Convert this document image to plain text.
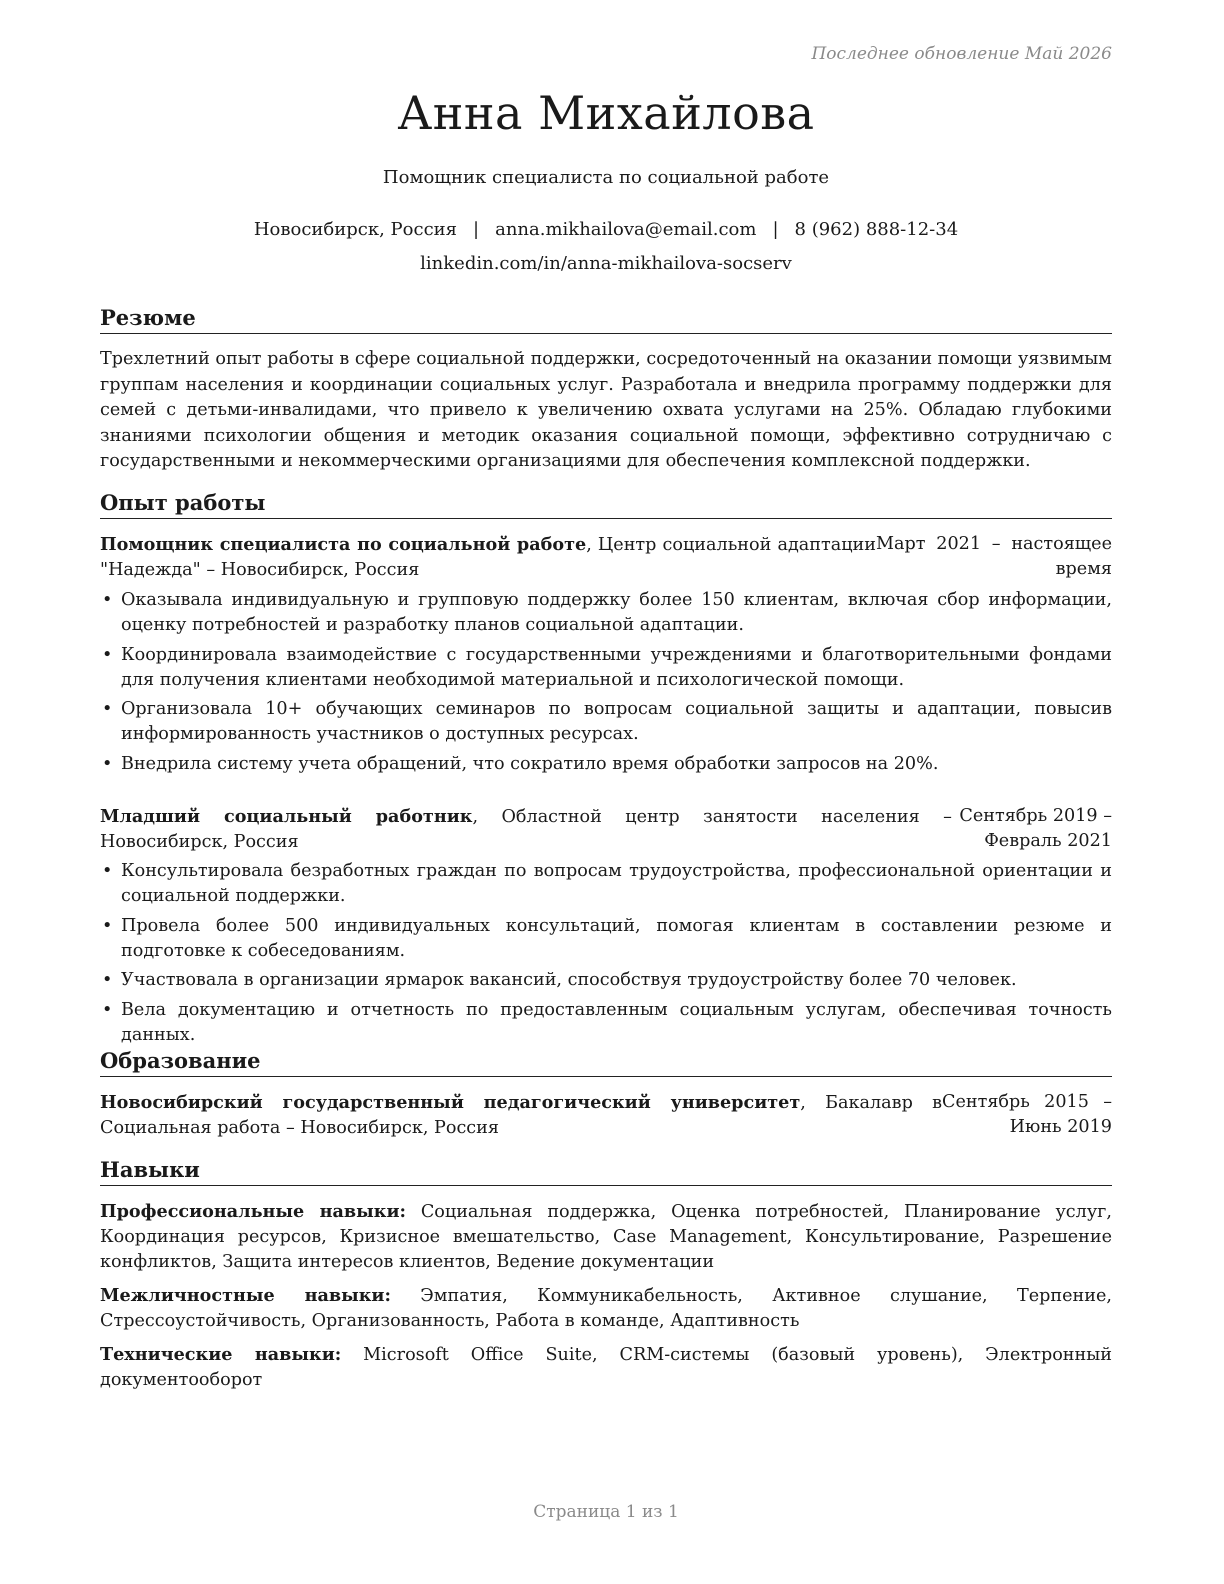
Последнее обновление Май 2026
Анна Михайлова
Помощник специалиста по социальной работе
Новосибирск, Россия | anna.mikhailova@email.com | 8 (962) 888-12-34
linkedin.com/in/anna-mikhailova-socserv
Резюме

Трехлетний опыт работы в сфере социальной поддержки, сосредоточенный на оказании помощи уязвимым группам населения и координации социальных услуг. Разработала и внедрила программу поддержки для семей с детьми-инвалидами, что привело к увеличению охвата услугами на 25%. Обладаю глубокими знаниями психологии общения и методик оказания социальной помощи, эффективно сотрудничаю с государственными и некоммерческими организациями для обеспечения комплексной поддержки.

Опыт работы
Помощник специалиста по социальной работе, Центр социальной адаптации "Надежда" – Новосибирск, Россия
Март 2021 – настоящее время
• Оказывала индивидуальную и групповую поддержку более 150 клиентам, включая сбор информации, оценку потребностей и разработку планов социальной адаптации.
• Координировала взаимодействие с государственными учреждениями и благотворительными фондами для получения клиентами необходимой материальной и психологической помощи.
• Организовала 10+ обучающих семинаров по вопросам социальной защиты и адаптации, повысив информированность участников о доступных ресурсах.
• Внедрила систему учета обращений, что сократило время обработки запросов на 20%.
Младший социальный работник, Областной центр занятости населения – Новосибирск, Россия
Сентябрь 2019 – Февраль 2021
• Консультировала безработных граждан по вопросам трудоустройства, профессиональной ориентации и социальной поддержки.
• Провела более 500 индивидуальных консультаций, помогая клиентам в составлении резюме и подготовке к собеседованиям.
• Участвовала в организации ярмарок вакансий, способствуя трудоустройству более 70 человек.
• Вела документацию и отчетность по предоставленным социальным услугам, обеспечивая точность данных.
Образование
Новосибирский государственный педагогический университет, Бакалавр в Социальная работа – Новосибирск, Россия
Сентябрь 2015 – Июнь 2019
Навыки

Профессиональные навыки: Социальная поддержка, Оценка потребностей, Планирование услуг, Координация ресурсов, Кризисное вмешательство, Case Management, Консультирование, Разрешение конфликтов, Защита интересов клиентов, Ведение документации

Межличностные навыки: Эмпатия, Коммуникабельность, Активное слушание, Терпение, Стрессоустойчивость, Организованность, Работа в команде, Адаптивность

Технические навыки: Microsoft Office Suite, CRM-системы (базовый уровень), Электронный документооборот

Страница 1 из 1
